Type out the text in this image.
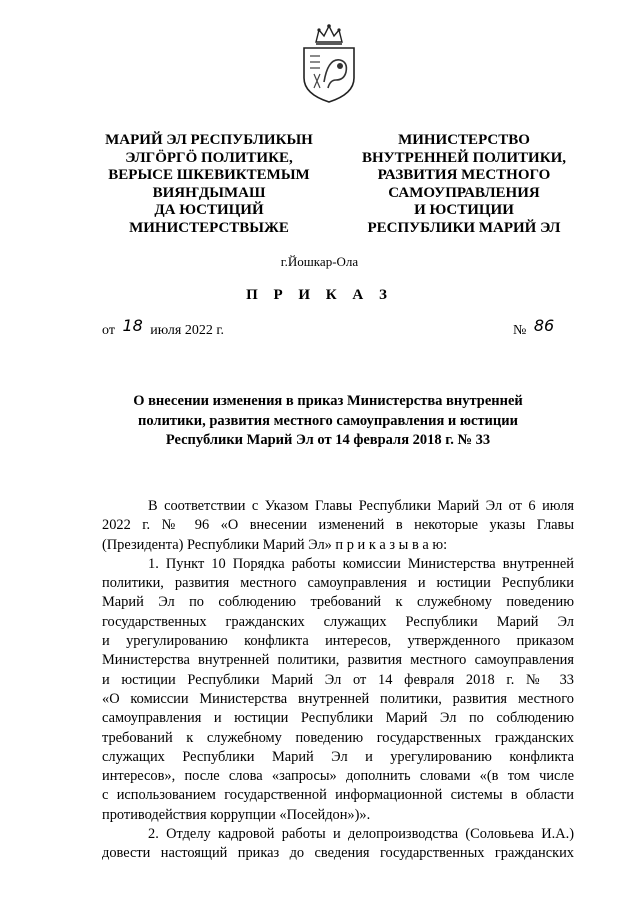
МАРИЙ ЭЛ РЕСПУБЛИКЫН
ЭЛГÖРГÖ ПОЛИТИКЕ,
ВЕРЫСЕ ШКЕВИКТЕМЫМ
ВИЯҤДЫМАШ
ДА ЮСТИЦИЙ
МИНИСТЕРСТВЫЖЕ
МИНИСТЕРСТВО
ВНУТРЕННЕЙ ПОЛИТИКИ,
РАЗВИТИЯ МЕСТНОГО
САМОУПРАВЛЕНИЯ
И ЮСТИЦИИ
РЕСПУБЛИКИ МАРИЙ ЭЛ
г.Йошкар-Ола
П Р И К А З
от 18 июля 2022 г.	№ 86
О внесении изменения в приказ Министерства внутренней
политики, развития местного самоуправления и юстиции
Республики Марий Эл от 14 февраля 2018 г. № 33
В соответствии с Указом Главы Республики Марий Эл от 6 июля
2022 г. № 96 «О внесении изменений в некоторые указы Главы
(Президента) Республики Марий Эл» п р и к а з ы в а ю:
1. Пункт 10 Порядка работы комиссии Министерства внутренней
политики, развития местного самоуправления и юстиции Республики
Марий Эл по соблюдению требований к служебному поведению
государственных гражданских служащих Республики Марий Эл
и урегулированию конфликта интересов, утвержденного приказом
Министерства внутренней политики, развития местного самоуправления
и юстиции Республики Марий Эл от 14 февраля 2018 г. № 33
«О комиссии Министерства внутренней политики, развития местного
самоуправления и юстиции Республики Марий Эл по соблюдению
требований к служебному поведению государственных гражданских
служащих Республики Марий Эл и урегулированию конфликта
интересов», после слова «запросы» дополнить словами «(в том числе
с использованием государственной информационной системы в области
противодействия коррупции «Посейдон»)».
2. Отделу кадровой работы и делопроизводства (Соловьева И.А.)
довести настоящий приказ до сведения государственных гражданских
